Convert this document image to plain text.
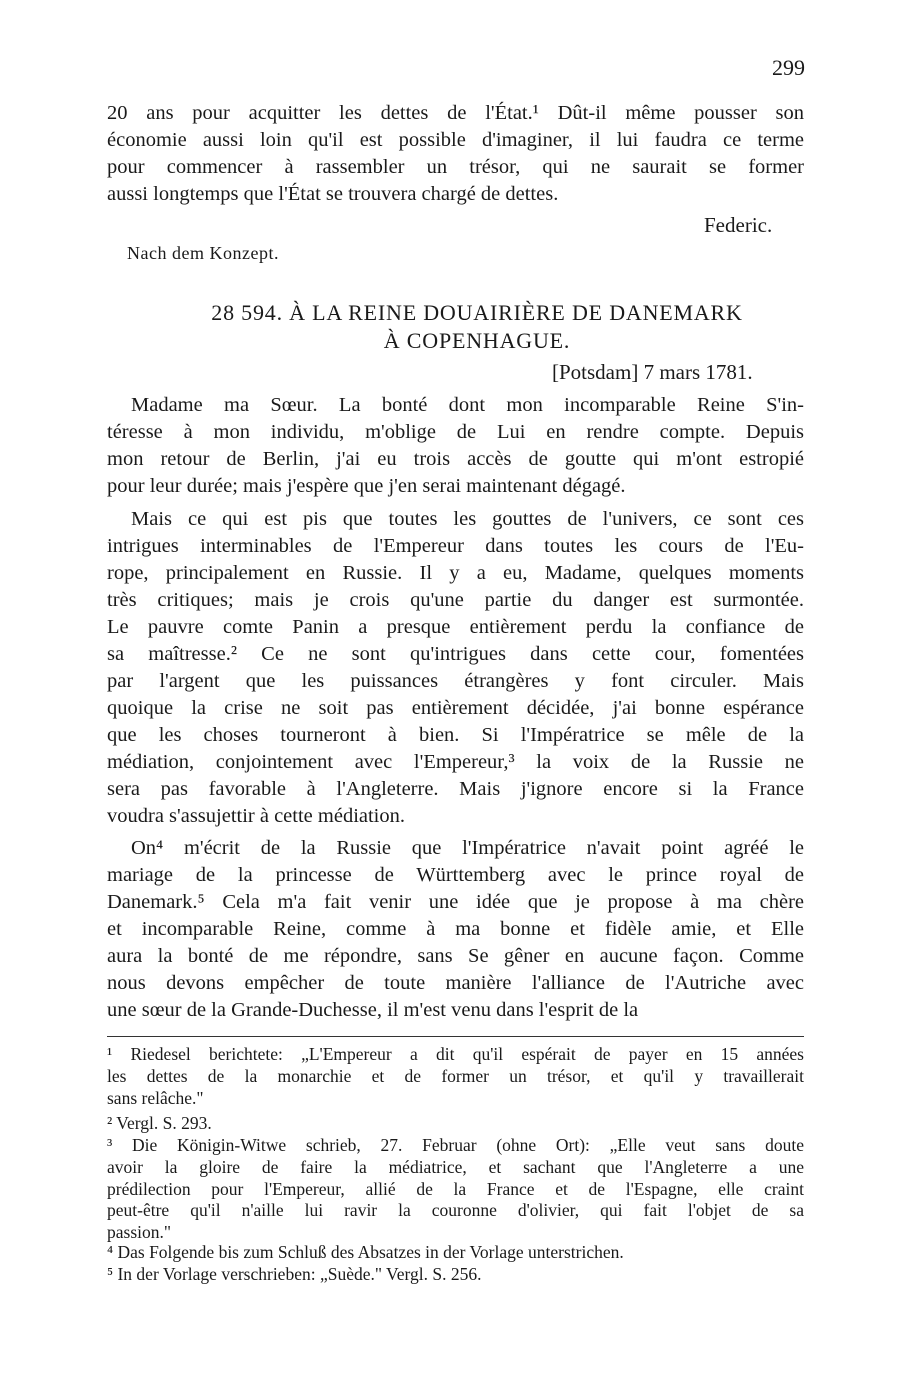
299
20 ans pour acquitter les dettes de l'État.¹ Dût-il même pousser son
économie aussi loin qu'il est possible d'imaginer, il lui faudra ce terme
pour commencer à rassembler un trésor, qui ne saurait se former
aussi longtemps que l'État se trouvera chargé de dettes.
Federic.
Nach dem Konzept.
28 594. À LA REINE DOUAIRIÈRE DE DANEMARK
À COPENHAGUE.
[Potsdam] 7 mars 1781.
Madame ma Sœur. La bonté dont mon incomparable Reine S'in-
téresse à mon individu, m'oblige de Lui en rendre compte. Depuis
mon retour de Berlin, j'ai eu trois accès de goutte qui m'ont estropié
pour leur durée; mais j'espère que j'en serai maintenant dégagé.
Mais ce qui est pis que toutes les gouttes de l'univers, ce sont ces
intrigues interminables de l'Empereur dans toutes les cours de l'Eu-
rope, principalement en Russie. Il y a eu, Madame, quelques moments
très critiques; mais je crois qu'une partie du danger est surmontée.
Le pauvre comte Panin a presque entièrement perdu la confiance de
sa maîtresse.² Ce ne sont qu'intrigues dans cette cour, fomentées
par l'argent que les puissances étrangères y font circuler. Mais
quoique la crise ne soit pas entièrement décidée, j'ai bonne espérance
que les choses tourneront à bien. Si l'Impératrice se mêle de la
médiation, conjointement avec l'Empereur,³ la voix de la Russie ne
sera pas favorable à l'Angleterre. Mais j'ignore encore si la France
voudra s'assujettir à cette médiation.
On⁴ m'écrit de la Russie que l'Impératrice n'avait point agréé le
mariage de la princesse de Württemberg avec le prince royal de
Danemark.⁵ Cela m'a fait venir une idée que je propose à ma chère
et incomparable Reine, comme à ma bonne et fidèle amie, et Elle
aura la bonté de me répondre, sans Se gêner en aucune façon. Comme
nous devons empêcher de toute manière l'alliance de l'Autriche avec
une sœur de la Grande-Duchesse, il m'est venu dans l'esprit de la
¹ Riedesel berichtete: „L'Empereur a dit qu'il espérait de payer en 15 années
les dettes de la monarchie et de former un trésor, et qu'il y travaillerait
sans relâche."
² Vergl. S. 293.
³ Die Königin-Witwe schrieb, 27. Februar (ohne Ort): „Elle veut sans doute
avoir la gloire de faire la médiatrice, et sachant que l'Angleterre a une
prédilection pour l'Empereur, allié de la France et de l'Espagne, elle craint
peut-être qu'il n'aille lui ravir la couronne d'olivier, qui fait l'objet de sa
passion."
⁴ Das Folgende bis zum Schluß des Absatzes in der Vorlage unterstrichen.
⁵ In der Vorlage verschrieben: „Suède." Vergl. S. 256.
